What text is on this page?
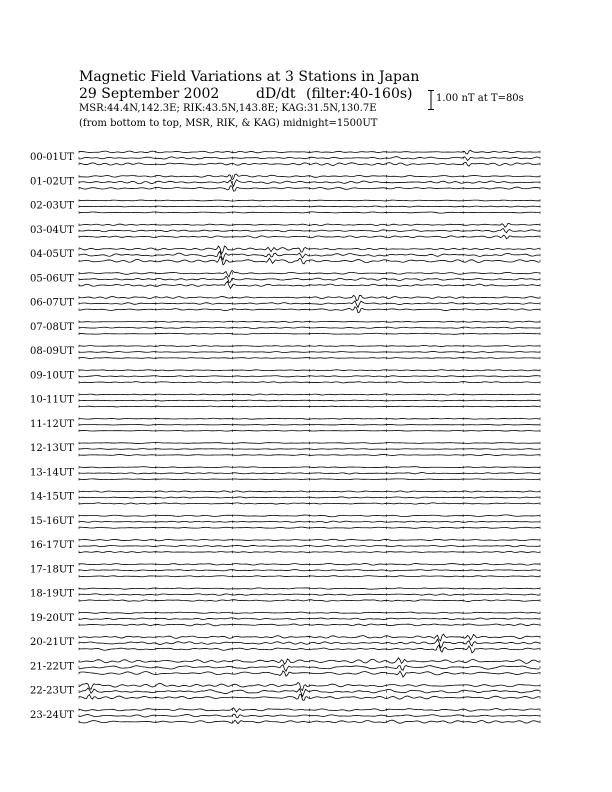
Magnetic Field Variations at 3 Stations in Japan
29 September 2002	dD/dt (filter:40-160s)
MSR:44.4N,142.3E; RIK:43.5N,143.8E; KAG:31.5N,130.7E
(from bottom to top, MSR, RIK, & KAG) midnight=1500UT
1.00 nT at T=80s
00-01UT
01-02UT
02-03UT
03-04UT
04-05UT
05-06UT
06-07UT
07-08UT
08-09UT
09-10UT
10-11UT
11-12UT
12-13UT
13-14UT
14-15UT
15-16UT
16-17UT
17-18UT
18-19UT
19-20UT
20-21UT
21-22UT
22-23UT
23-24UT
